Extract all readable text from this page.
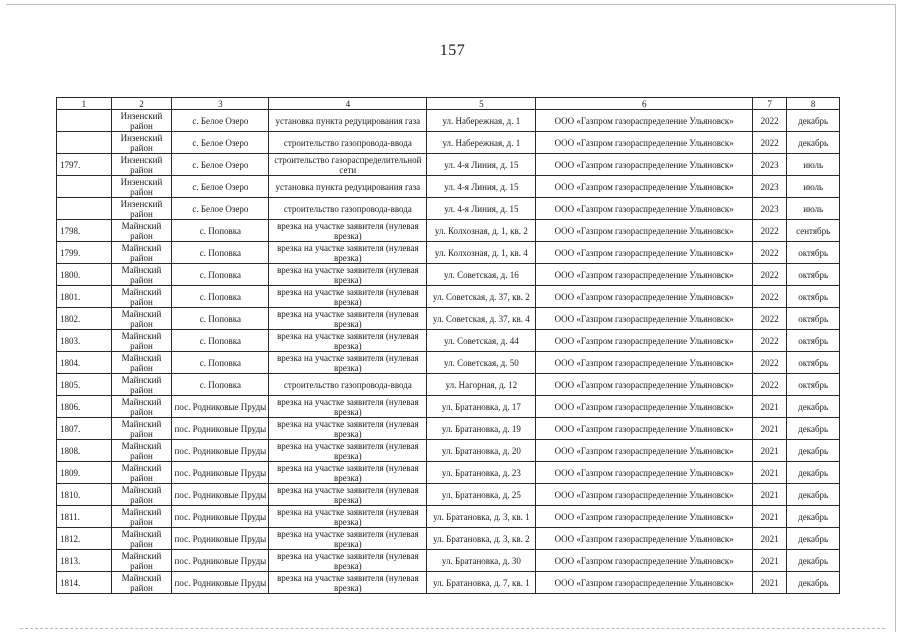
157
1	2	3	4	5	6	7	8
	Инзенский район	с. Белое Озеро	установка пункта редуцирования газа	ул. Набережная, д. 1	ООО «Газпром газораспределение Ульяновск»	2022	декабрь
	Инзенский район	с. Белое Озеро	строительство газопровода-ввода	ул. Набережная, д. 1	ООО «Газпром газораспределение Ульяновск»	2022	декабрь
1797.	Инзенский район	с. Белое Озеро	строительство газораспределительной сети	ул. 4-я Линия, д. 15	ООО «Газпром газораспределение Ульяновск»	2023	июль
	Инзенский район	с. Белое Озеро	установка пункта редуцирования газа	ул. 4-я Линия, д. 15	ООО «Газпром газораспределение Ульяновск»	2023	июль
	Инзенский район	с. Белое Озеро	строительство газопровода-ввода	ул. 4-я Линия, д. 15	ООО «Газпром газораспределение Ульяновск»	2023	июль
1798.	Майнский район	с. Поповка	врезка на участке заявителя (нулевая врезка)	ул. Колхозная, д. 1, кв. 2	ООО «Газпром газораспределение Ульяновск»	2022	сентябрь
1799.	Майнский район	с. Поповка	врезка на участке заявителя (нулевая врезка)	ул. Колхозная, д. 1, кв. 4	ООО «Газпром газораспределение Ульяновск»	2022	октябрь
1800.	Майнский район	с. Поповка	врезка на участке заявителя (нулевая врезка)	ул. Советская, д. 16	ООО «Газпром газораспределение Ульяновск»	2022	октябрь
1801.	Майнский район	с. Поповка	врезка на участке заявителя (нулевая врезка)	ул. Советская, д. 37, кв. 2	ООО «Газпром газораспределение Ульяновск»	2022	октябрь
1802.	Майнский район	с. Поповка	врезка на участке заявителя (нулевая врезка)	ул. Советская, д. 37, кв. 4	ООО «Газпром газораспределение Ульяновск»	2022	октябрь
1803.	Майнский район	с. Поповка	врезка на участке заявителя (нулевая врезка)	ул. Советская, д. 44	ООО «Газпром газораспределение Ульяновск»	2022	октябрь
1804.	Майнский район	с. Поповка	врезка на участке заявителя (нулевая врезка)	ул. Советская, д. 50	ООО «Газпром газораспределение Ульяновск»	2022	октябрь
1805.	Майнский район	с. Поповка	строительство газопровода-ввода	ул. Нагорная, д. 12	ООО «Газпром газораспределение Ульяновск»	2022	октябрь
1806.	Майнский район	пос. Родниковые Пруды	врезка на участке заявителя (нулевая врезка)	ул. Братановка, д. 17	ООО «Газпром газораспределение Ульяновск»	2021	декабрь
1807.	Майнский район	пос. Родниковые Пруды	врезка на участке заявителя (нулевая врезка)	ул. Братановка, д. 19	ООО «Газпром газораспределение Ульяновск»	2021	декабрь
1808.	Майнский район	пос. Родниковые Пруды	врезка на участке заявителя (нулевая врезка)	ул. Братановка, д. 20	ООО «Газпром газораспределение Ульяновск»	2021	декабрь
1809.	Майнский район	пос. Родниковые Пруды	врезка на участке заявителя (нулевая врезка)	ул. Братановка, д. 23	ООО «Газпром газораспределение Ульяновск»	2021	декабрь
1810.	Майнский район	пос. Родниковые Пруды	врезка на участке заявителя (нулевая врезка)	ул. Братановка, д. 25	ООО «Газпром газораспределение Ульяновск»	2021	декабрь
1811.	Майнский район	пос. Родниковые Пруды	врезка на участке заявителя (нулевая врезка)	ул. Братановка, д. 3, кв. 1	ООО «Газпром газораспределение Ульяновск»	2021	декабрь
1812.	Майнский район	пос. Родниковые Пруды	врезка на участке заявителя (нулевая врезка)	ул. Братановка, д. 3, кв. 2	ООО «Газпром газораспределение Ульяновск»	2021	декабрь
1813.	Майнский район	пос. Родниковые Пруды	врезка на участке заявителя (нулевая врезка)	ул. Братановка, д. 30	ООО «Газпром газораспределение Ульяновск»	2021	декабрь
1814.	Майнский район	пос. Родниковые Пруды	врезка на участке заявителя (нулевая врезка)	ул. Братановка, д. 7, кв. 1	ООО «Газпром газораспределение Ульяновск»	2021	декабрь
